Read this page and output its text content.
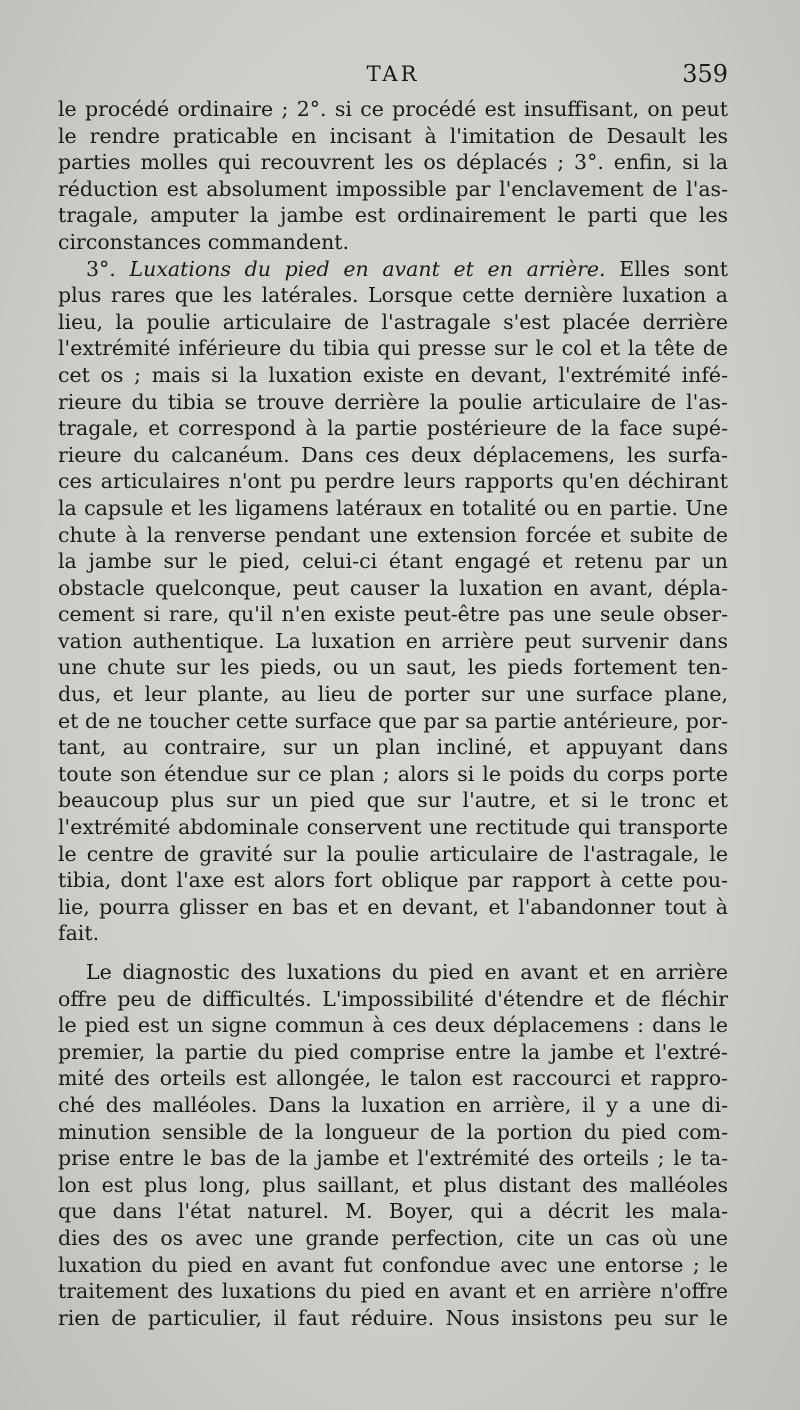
TAR	359
le procédé ordinaire ; 2°. si ce procédé est insuffisant, on peut
le rendre praticable en incisant à l'imitation de Desault les
parties molles qui recouvrent les os déplacés ; 3°. enfin, si la
réduction est absolument impossible par l'enclavement de l'as-
tragale, amputer la jambe est ordinairement le parti que les
circonstances commandent.
3°. Luxations du pied en avant et en arrière. Elles sont
plus rares que les latérales. Lorsque cette dernière luxation a
lieu, la poulie articulaire de l'astragale s'est placée derrière
l'extrémité inférieure du tibia qui presse sur le col et la tête de
cet os ; mais si la luxation existe en devant, l'extrémité infé-
rieure du tibia se trouve derrière la poulie articulaire de l'as-
tragale, et correspond à la partie postérieure de la face supé-
rieure du calcanéum. Dans ces deux déplacemens, les surfa-
ces articulaires n'ont pu perdre leurs rapports qu'en déchirant
la capsule et les ligamens latéraux en totalité ou en partie. Une
chute à la renverse pendant une extension forcée et subite de
la jambe sur le pied, celui-ci étant engagé et retenu par un
obstacle quelconque, peut causer la luxation en avant, dépla-
cement si rare, qu'il n'en existe peut-être pas une seule obser-
vation authentique. La luxation en arrière peut survenir dans
une chute sur les pieds, ou un saut, les pieds fortement ten-
dus, et leur plante, au lieu de porter sur une surface plane,
et de ne toucher cette surface que par sa partie antérieure, por-
tant, au contraire, sur un plan incliné, et appuyant dans
toute son étendue sur ce plan ; alors si le poids du corps porte
beaucoup plus sur un pied que sur l'autre, et si le tronc et
l'extrémité abdominale conservent une rectitude qui transporte
le centre de gravité sur la poulie articulaire de l'astragale, le
tibia, dont l'axe est alors fort oblique par rapport à cette pou-
lie, pourra glisser en bas et en devant, et l'abandonner tout à
fait.
Le diagnostic des luxations du pied en avant et en arrière
offre peu de difficultés. L'impossibilité d'étendre et de fléchir
le pied est un signe commun à ces deux déplacemens : dans le
premier, la partie du pied comprise entre la jambe et l'extré-
mité des orteils est allongée, le talon est raccourci et rappro-
ché des malléoles. Dans la luxation en arrière, il y a une di-
minution sensible de la longueur de la portion du pied com-
prise entre le bas de la jambe et l'extrémité des orteils ; le ta-
lon est plus long, plus saillant, et plus distant des malléoles
que dans l'état naturel. M. Boyer, qui a décrit les mala-
dies des os avec une grande perfection, cite un cas où une
luxation du pied en avant fut confondue avec une entorse ; le
traitement des luxations du pied en avant et en arrière n'offre
rien de particulier, il faut réduire. Nous insistons peu sur le
